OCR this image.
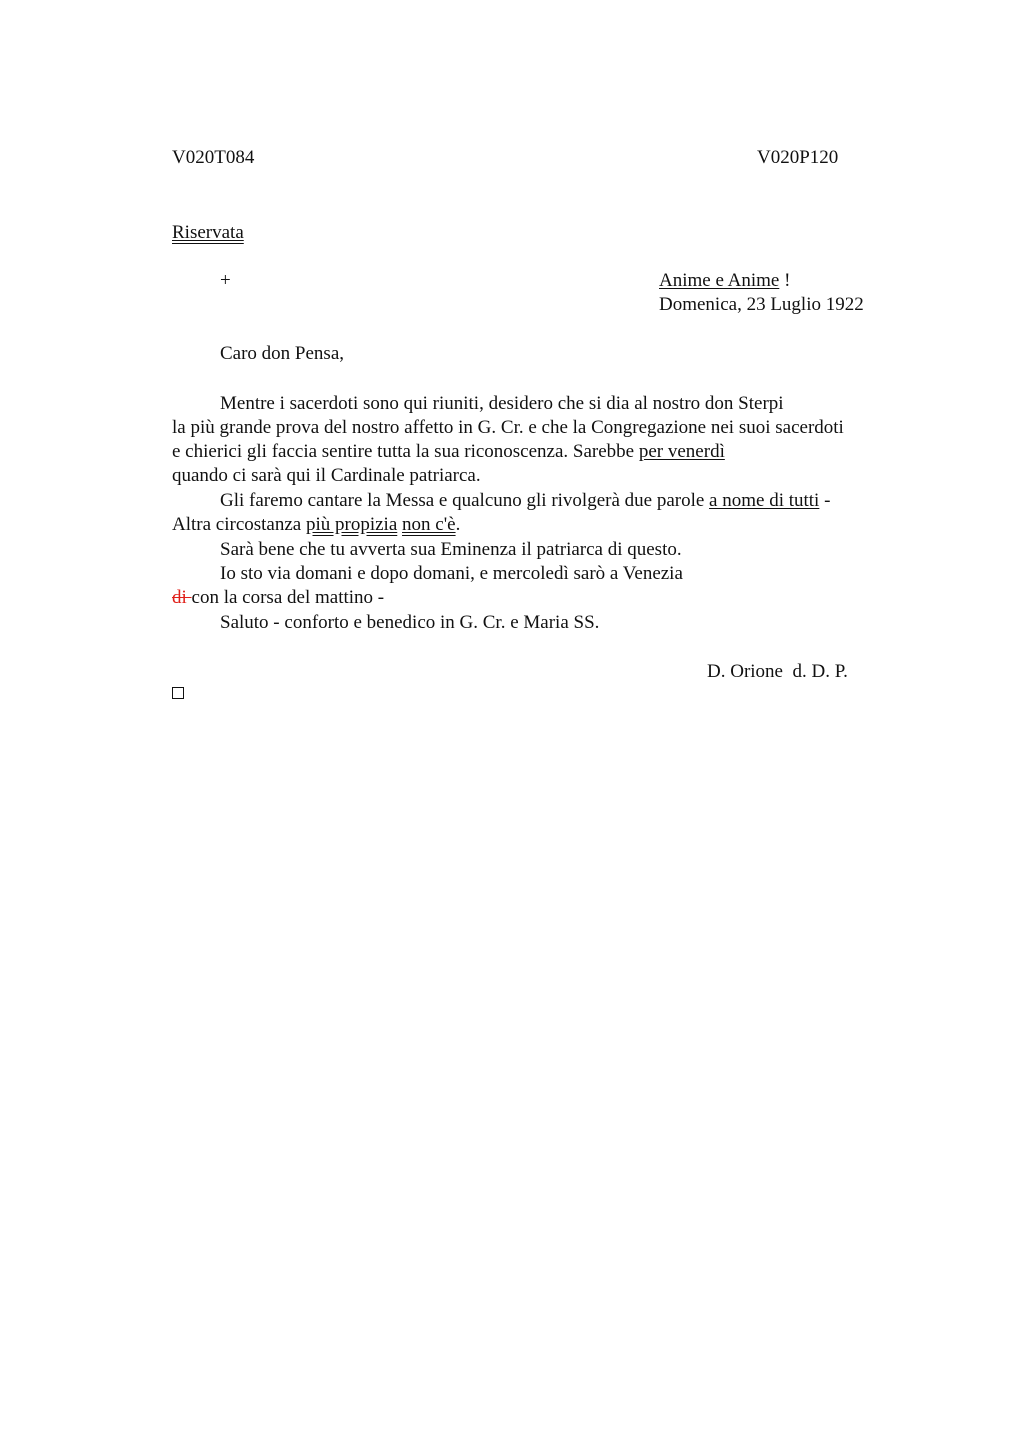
V020T084	V020P120
Riservata
+	Anime e Anime !
Domenica, 23 Luglio 1922
Caro don Pensa,
Mentre i sacerdoti sono qui riuniti, desidero che si dia al nostro don Sterpi
la più grande prova del nostro affetto in G. Cr. e che la Congregazione nei suoi sacerdoti
e chierici gli faccia sentire tutta la sua riconoscenza. Sarebbe per venerdì
quando ci sarà qui il Cardinale patriarca.
Gli faremo cantare la Messa e qualcuno gli rivolgerà due parole a nome di tutti -
Altra circostanza più propizia non c'è.
Sarà bene che tu avverta sua Eminenza il patriarca di questo.
Io sto via domani e dopo domani, e mercoledì sarò a Venezia
di con la corsa del mattino -
Saluto - conforto e benedico in G. Cr. e Maria SS.
D. Orione  d. D. P.
